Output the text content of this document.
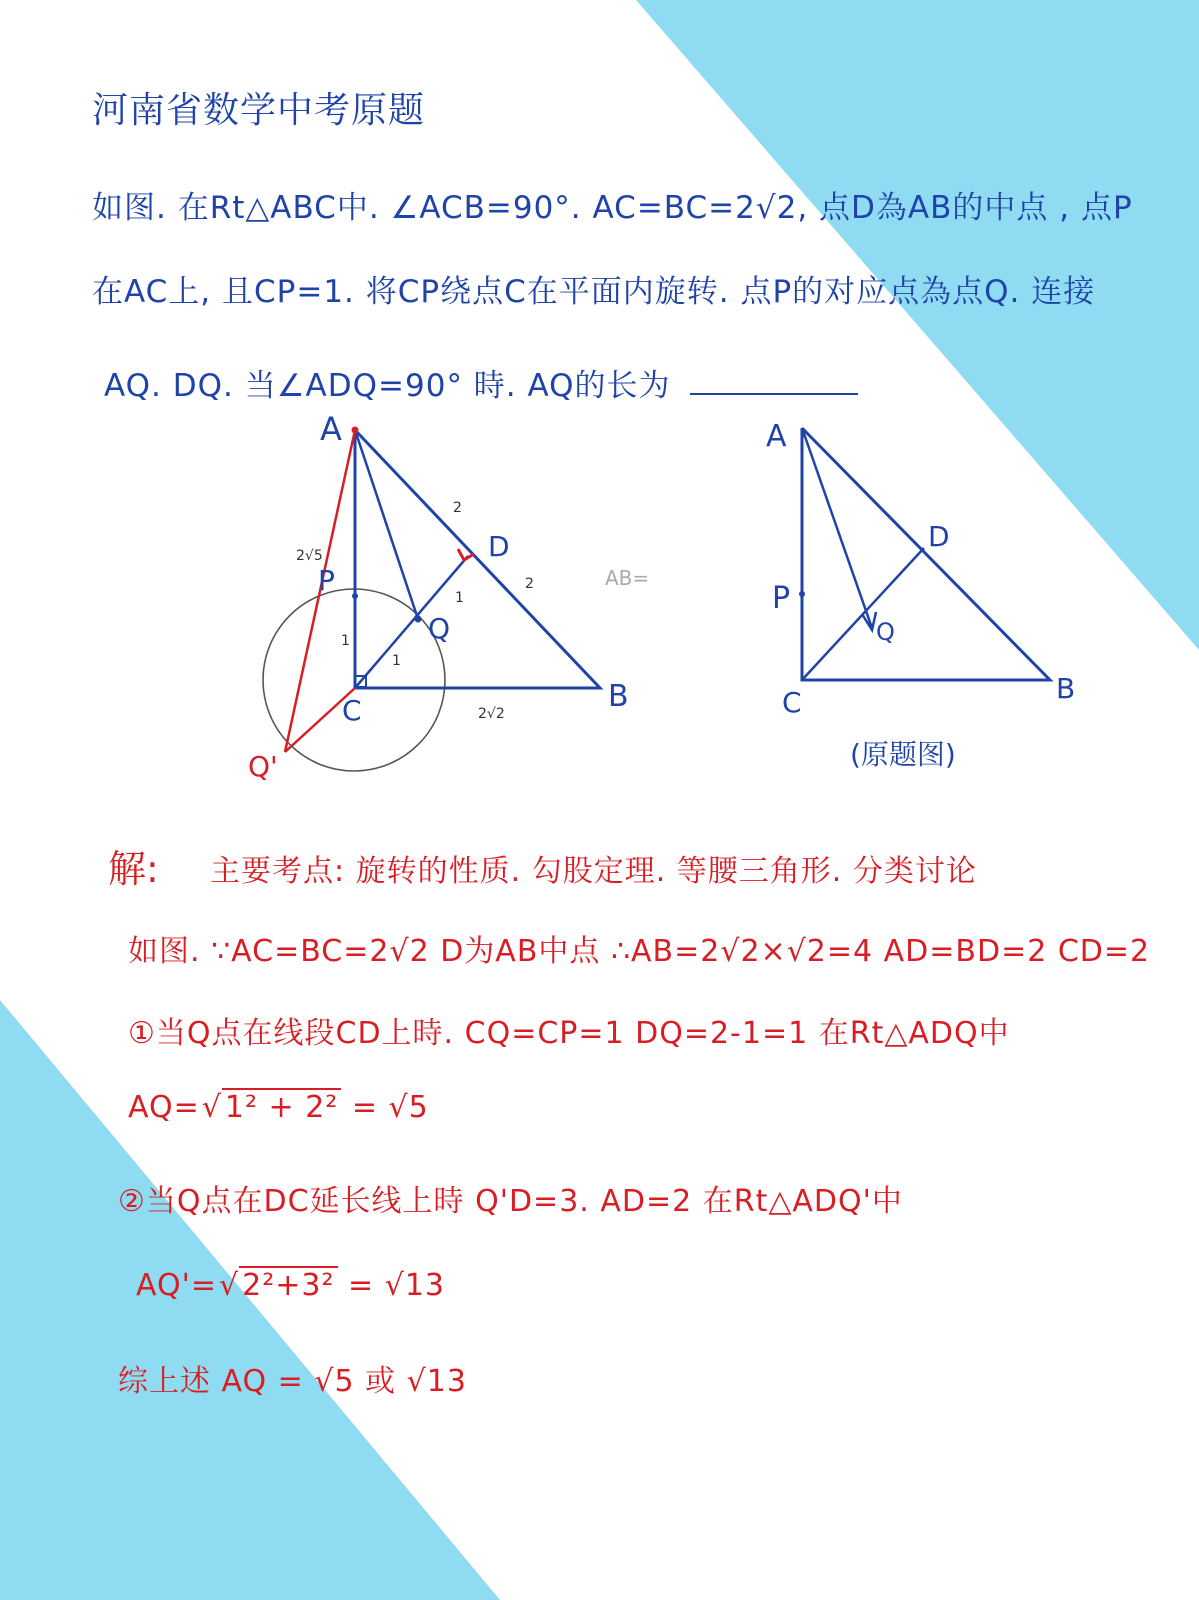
河南省数学中考原题
如图. 在Rt△ABC中. ∠ACB=90°. AC=BC=2√2, 点D為AB的中点 , 点P
在AC上, 且CP=1. 将CP绕点C在平面内旋转. 点P的对应点為点Q. 连接
AQ. DQ. 当∠ADQ=90° 時. AQ的长为
A
D
P
Q
C	B
Q'
2
2
1
1
1
2√2
2√5
AB=
A
D
P
Q
C	B
(原题图)
解: 主要考点: 旋转的性质. 勾股定理. 等腰三角形. 分类讨论
如图. ∵AC=BC=2√2 D为AB中点 ∴AB=2√2×√2=4 AD=BD=2 CD=2
①当Q点在线段CD上時. CQ=CP=1 DQ=2-1=1 在Rt△ADQ中
AQ=√ 1² + 2² = √5
②当Q点在DC延长线上時 Q'D=3. AD=2 在Rt△ADQ'中
AQ'=√ 2²+3² = √13
综上述 AQ = √5 或 √13
